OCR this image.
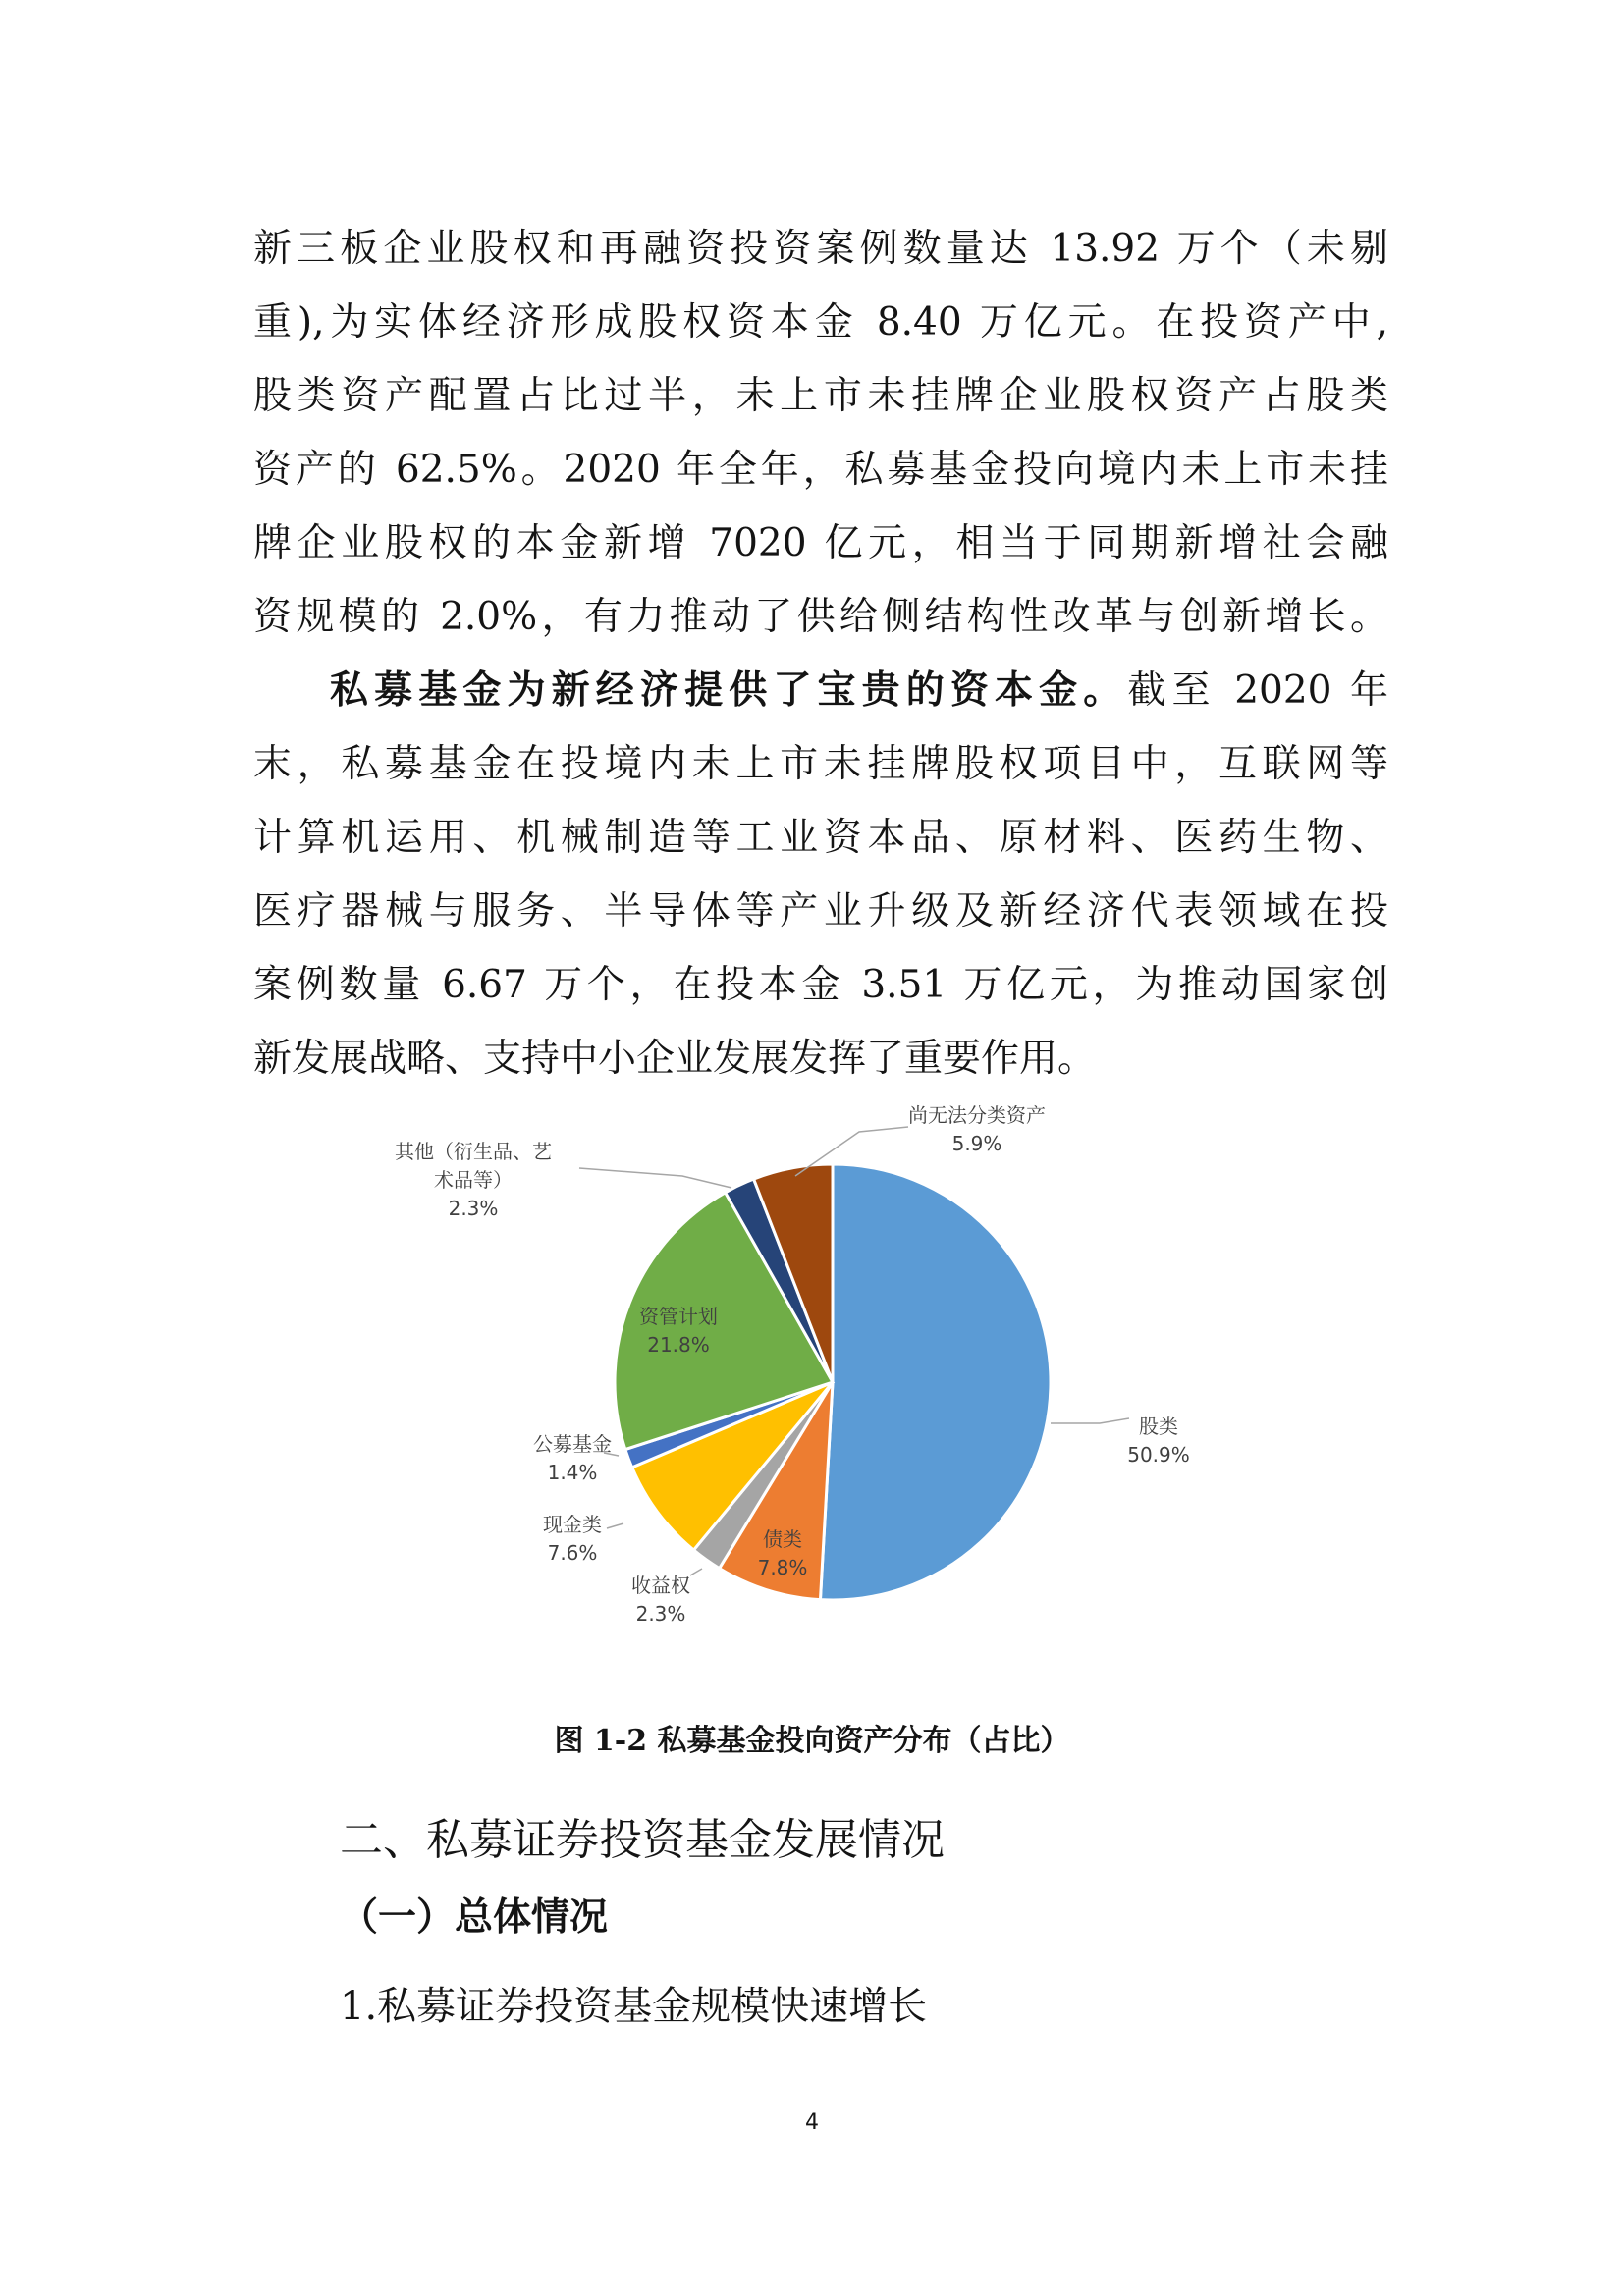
新三板企业股权和再融资投资案例数量达 13.92 万个（未剔
重),为实体经济形成股权资本金 8.40 万亿元。在投资产中,
股类资产配置占比过半，未上市未挂牌企业股权资产占股类
资产的 62.5%。2020 年全年，私募基金投向境内未上市未挂
牌企业股权的本金新增 7020 亿元，相当于同期新增社会融
资规模的 2.0%，有力推动了供给侧结构性改革与创新增长。
私募基金为新经济提供了宝贵的资本金。截至 2020 年
末，私募基金在投境内未上市未挂牌股权项目中，互联网等
计算机运用、机械制造等工业资本品、原材料、医药生物、
医疗器械与服务、半导体等产业升级及新经济代表领域在投
案例数量 6.67 万个，在投本金 3.51 万亿元，为推动国家创
新发展战略、支持中小企业发展发挥了重要作用。
股类 50.9%
债类 7.8%
收益权 2.3%
现金类 7.6%
公募基金 1.4%
资管计划 21.8%
其他（衍生品、艺术品等） 2.3%
尚无法分类资产 5.9%
图 1-2 私募基金投向资产分布（占比）
二、私募证券投资基金发展情况
（一）总体情况
1.私募证券投资基金规模快速增长
4
